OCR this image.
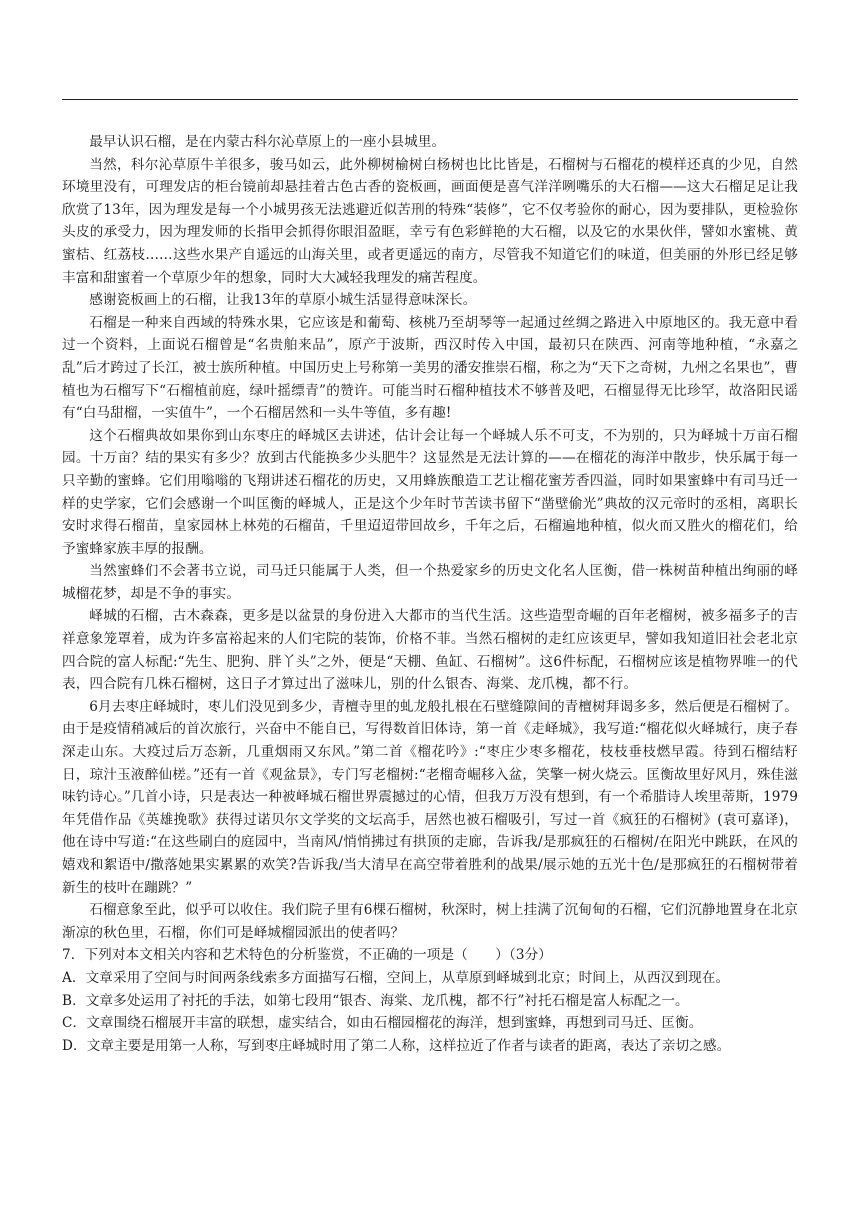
最早认识石榴，是在内蒙古科尔沁草原上的一座小县城里。

当然，科尔沁草原牛羊很多，骏马如云，此外柳树榆树白杨树也比比皆是，石榴树与石榴花的模样还真的少见，自然环境里没有，可理发店的柜台镜前却悬挂着古色古香的瓷板画，画面便是喜气洋洋咧嘴乐的大石榴——这大石榴足足让我欣赏了13年，因为理发是每一个小城男孩无法逃避近似苦刑的特殊“装修”，它不仅考验你的耐心，因为要排队，更检验你头皮的承受力，因为理发师的长指甲会抓得你眼泪盈眶，幸亏有色彩鲜艳的大石榴，以及它的水果伙伴，譬如水蜜桃、黄蜜桔、红荔枝……这些水果产自遥远的山海关里，或者更遥远的南方，尽管我不知道它们的味道，但美丽的外形已经足够丰富和甜蜜着一个草原少年的想象，同时大大减轻我理发的痛苦程度。

感谢瓷板画上的石榴，让我13年的草原小城生活显得意味深长。

石榴是一种来自西域的特殊水果，它应该是和葡萄、核桃乃至胡琴等一起通过丝绸之路进入中原地区的。我无意中看过一个资料，上面说石榴曾是“名贵舶来品”，原产于波斯，西汉时传入中国，最初只在陕西、河南等地种植，“永嘉之乱”后才跨过了长江，被士族所种植。中国历史上号称第一美男的潘安推崇石榴，称之为“天下之奇树，九州之名果也”，曹植也为石榴写下“石榴植前庭，绿叶摇缥青”的赞许。可能当时石榴种植技术不够普及吧，石榴显得无比珍罕，故洛阳民谣有“白马甜榴，一实值牛”，一个石榴居然和一头牛等值，多有趣!

这个石榴典故如果你到山东枣庄的峄城区去讲述，估计会让每一个峄城人乐不可支，不为别的，只为峄城十万亩石榴园。十万亩？结的果实有多少？放到古代能换多少头肥牛？这显然是无法计算的——在榴花的海洋中散步，快乐属于每一只辛勤的蜜蜂。它们用嗡嗡的飞翔讲述石榴花的历史，又用蜂族酿造工艺让榴花蜜芳香四溢，同时如果蜜蜂中有司马迁一样的史学家，它们会感谢一个叫匡衡的峄城人，正是这个少年时节苦读书留下“凿壁偷光”典故的汉元帝时的丞相，离职长安时求得石榴苗，皇家园林上林苑的石榴苗，千里迢迢带回故乡，千年之后，石榴遍地种植，似火而又胜火的榴花们，给予蜜蜂家族丰厚的报酬。

当然蜜蜂们不会著书立说，司马迁只能属于人类，但一个热爱家乡的历史文化名人匡衡，借一株树苗种植出绚丽的峄城榴花梦，却是不争的事实。

峄城的石榴，古木森森，更多是以盆景的身份进入大都市的当代生活。这些造型奇崛的百年老榴树，被多福多子的吉祥意象笼罩着，成为许多富裕起来的人们宅院的装饰，价格不菲。当然石榴树的走红应该更早，譬如我知道旧社会老北京四合院的富人标配:“先生、肥狗、胖丫头”之外，便是“天棚、鱼缸、石榴树”。这6件标配，石榴树应该是植物界唯一的代表，四合院有几株石榴树，这日子才算过出了滋味儿，别的什么银杏、海棠、龙爪槐，都不行。

6月去枣庄峄城时，枣儿们没见到多少，青檀寺里的虬龙般扎根在石壁缝隙间的青檀树拜谒多多，然后便是石榴树了。由于是疫情稍减后的首次旅行，兴奋中不能自已，写得数首旧体诗，第一首《走峄城》，我写道:“榴花似火峄城行，庚子春深走山东。大疫过后万态新，几重烟雨又东风。”第二首《榴花吟》:“枣庄少枣多榴花，枝枝垂枝燃早霞。待到石榴结籽日，琼汁玉液醉仙槎。”还有一首《观盆景》，专门写老榴树:“老榴奇崛移入盆，笑擎一树火烧云。匡衡故里好风月，殊佳滋味钓诗心。”几首小诗，只是表达一种被峄城石榴世界震撼过的心情，但我万万没有想到，有一个希腊诗人埃里蒂斯，1979年凭借作品《英雄挽歌》获得过诺贝尔文学奖的文坛高手，居然也被石榴吸引，写过一首《疯狂的石榴树》(袁可嘉译)，他在诗中写道:“在这些刷白的庭园中，当南风/悄悄拂过有拱顶的走廊，告诉我/是那疯狂的石榴树/在阳光中跳跃，在风的嬉戏和絮语中/撒落她果实累累的欢笑?告诉我/当大清早在高空带着胜利的战果/展示她的五光十色/是那疯狂的石榴树带着新生的枝叶在蹦跳？”

石榴意象至此，似乎可以收住。我们院子里有6棵石榴树，秋深时，树上挂满了沉甸甸的石榴，它们沉静地置身在北京渐凉的秋色里，石榴，你们可是峄城榴园派出的使者吗？

7．下列对本文相关内容和艺术特色的分析鉴赏，不正确的一项是（　　）（3分）

A．文章采用了空间与时间两条线索多方面描写石榴，空间上，从草原到峄城到北京；时间上，从西汉到现在。

B．文章多处运用了衬托的手法，如第七段用“银杏、海棠、龙爪槐，都不行”衬托石榴是富人标配之一。

C．文章围绕石榴展开丰富的联想，虚实结合，如由石榴园榴花的海洋，想到蜜蜂，再想到司马迁、匡衡。

D．文章主要是用第一人称，写到枣庄峄城时用了第二人称，这样拉近了作者与读者的距离，表达了亲切之感。
